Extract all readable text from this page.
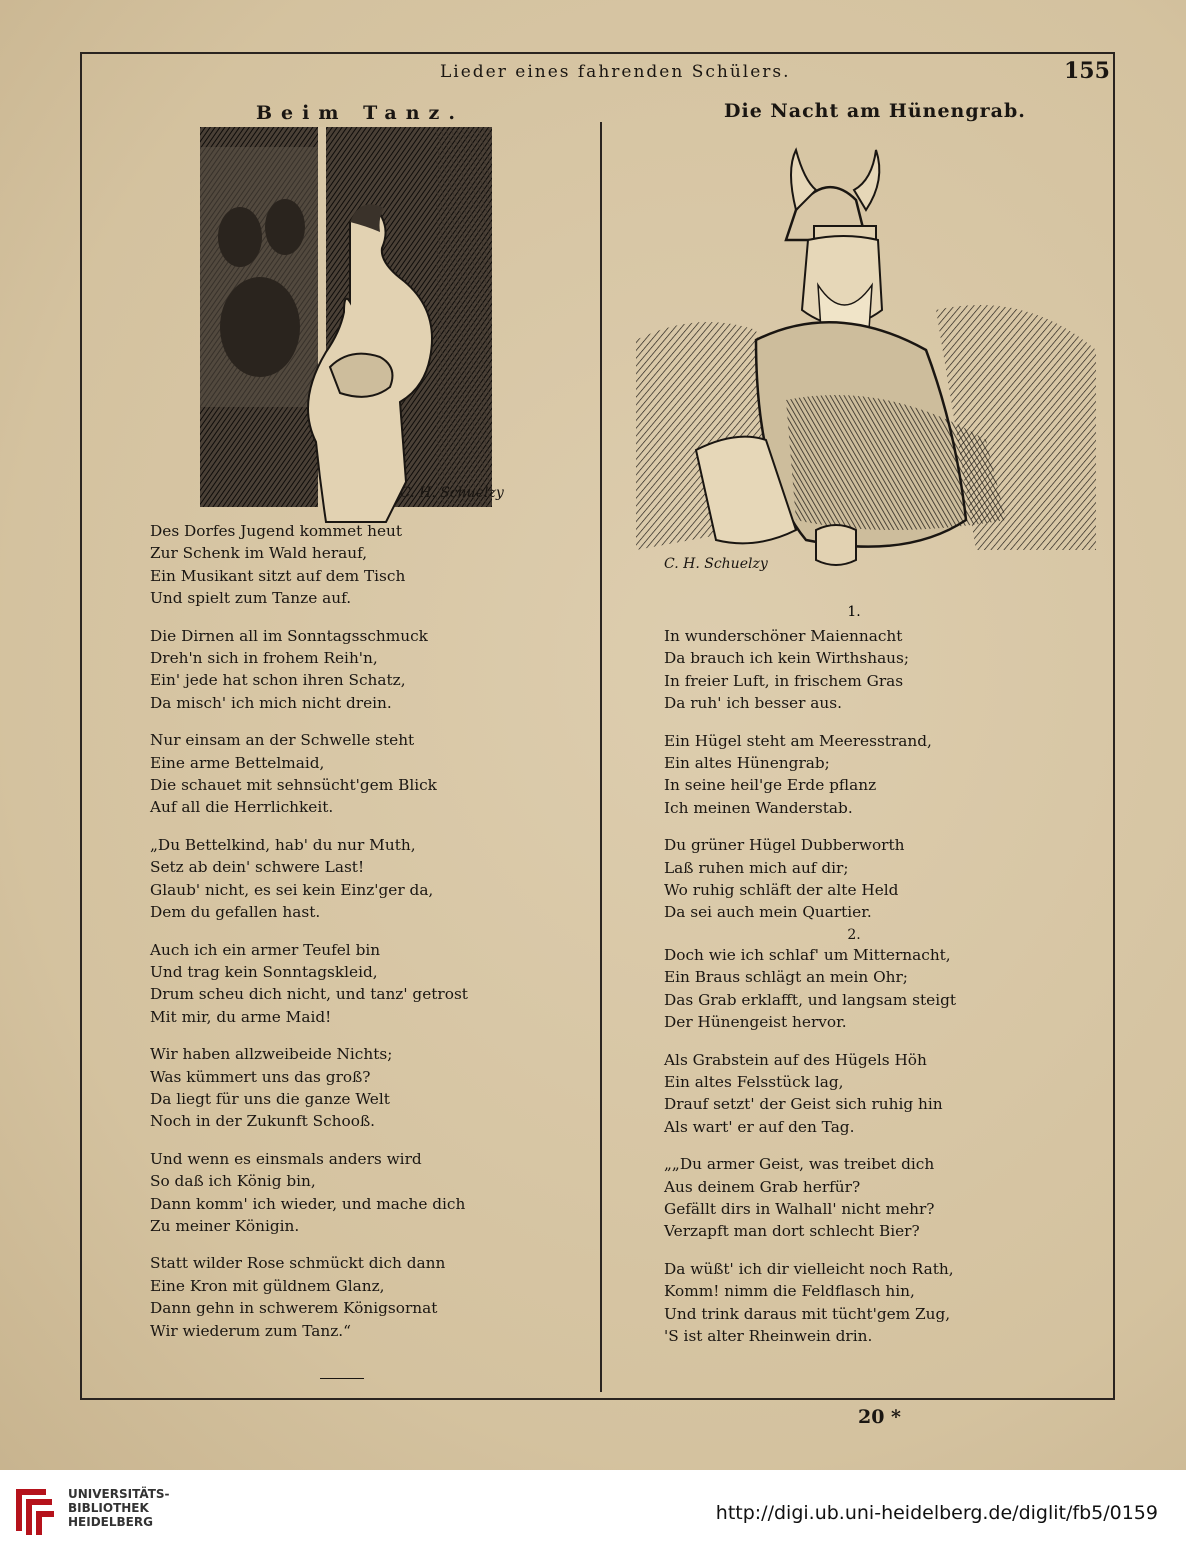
Lieder eines fahrenden Schülers.	155
Beim Tanz.	Die Nacht am Hünengrab.
C. H. Schuelzy
C. H. Schuelzy
Des Dorfes Jugend kommet heut
Zur Schenk im Wald herauf,
Ein Musikant sitzt auf dem Tisch
Und spielt zum Tanze auf.
Die Dirnen all im Sonntagsschmuck
Dreh'n sich in frohem Reih'n,
Ein' jede hat schon ihren Schatz,
Da misch' ich mich nicht drein.
Nur einsam an der Schwelle steht
Eine arme Bettelmaid,
Die schauet mit sehnsücht'gem Blick
Auf all die Herrlichkeit.
„Du Bettelkind, hab' du nur Muth,
Setz ab dein' schwere Last!
Glaub' nicht, es sei kein Einz'ger da,
Dem du gefallen hast.
Auch ich ein armer Teufel bin
Und trag kein Sonntagskleid,
Drum scheu dich nicht, und tanz' getrost
Mit mir, du arme Maid!
Wir haben allzweibeide Nichts;
Was kümmert uns das groß?
Da liegt für uns die ganze Welt
Noch in der Zukunft Schooß.
Und wenn es einsmals anders wird
So daß ich König bin,
Dann komm' ich wieder, und mache dich
Zu meiner Königin.
Statt wilder Rose schmückt dich dann
Eine Kron mit güldnem Glanz,
Dann gehn in schwerem Königsornat
Wir wiederum zum Tanz.“
1.
In wunderschöner Maiennacht
Da brauch ich kein Wirthshaus;
In freier Luft, in frischem Gras
Da ruh' ich besser aus.
Ein Hügel steht am Meeresstrand,
Ein altes Hünengrab;
In seine heil'ge Erde pflanz
Ich meinen Wanderstab.
Du grüner Hügel Dubberworth
Laß ruhen mich auf dir;
Wo ruhig schläft der alte Held
Da sei auch mein Quartier.
2.
Doch wie ich schlaf' um Mitternacht,
Ein Braus schlägt an mein Ohr;
Das Grab erklafft, und langsam steigt
Der Hünengeist hervor.
Als Grabstein auf des Hügels Höh
Ein altes Felsstück lag,
Drauf setzt' der Geist sich ruhig hin
Als wart' er auf den Tag.
„„Du armer Geist, was treibet dich
Aus deinem Grab herfür?
Gefällt dirs in Walhall' nicht mehr?
Verzapft man dort schlecht Bier?
Da wüßt' ich dir vielleicht noch Rath,
Komm! nimm die Feldflasch hin,
Und trink daraus mit tücht'gem Zug,
'S ist alter Rheinwein drin.
20 *
UNIVERSITÄTS-
BIBLIOTHEK
HEIDELBERG	http://digi.ub.uni-heidelberg.de/diglit/fb5/0159
